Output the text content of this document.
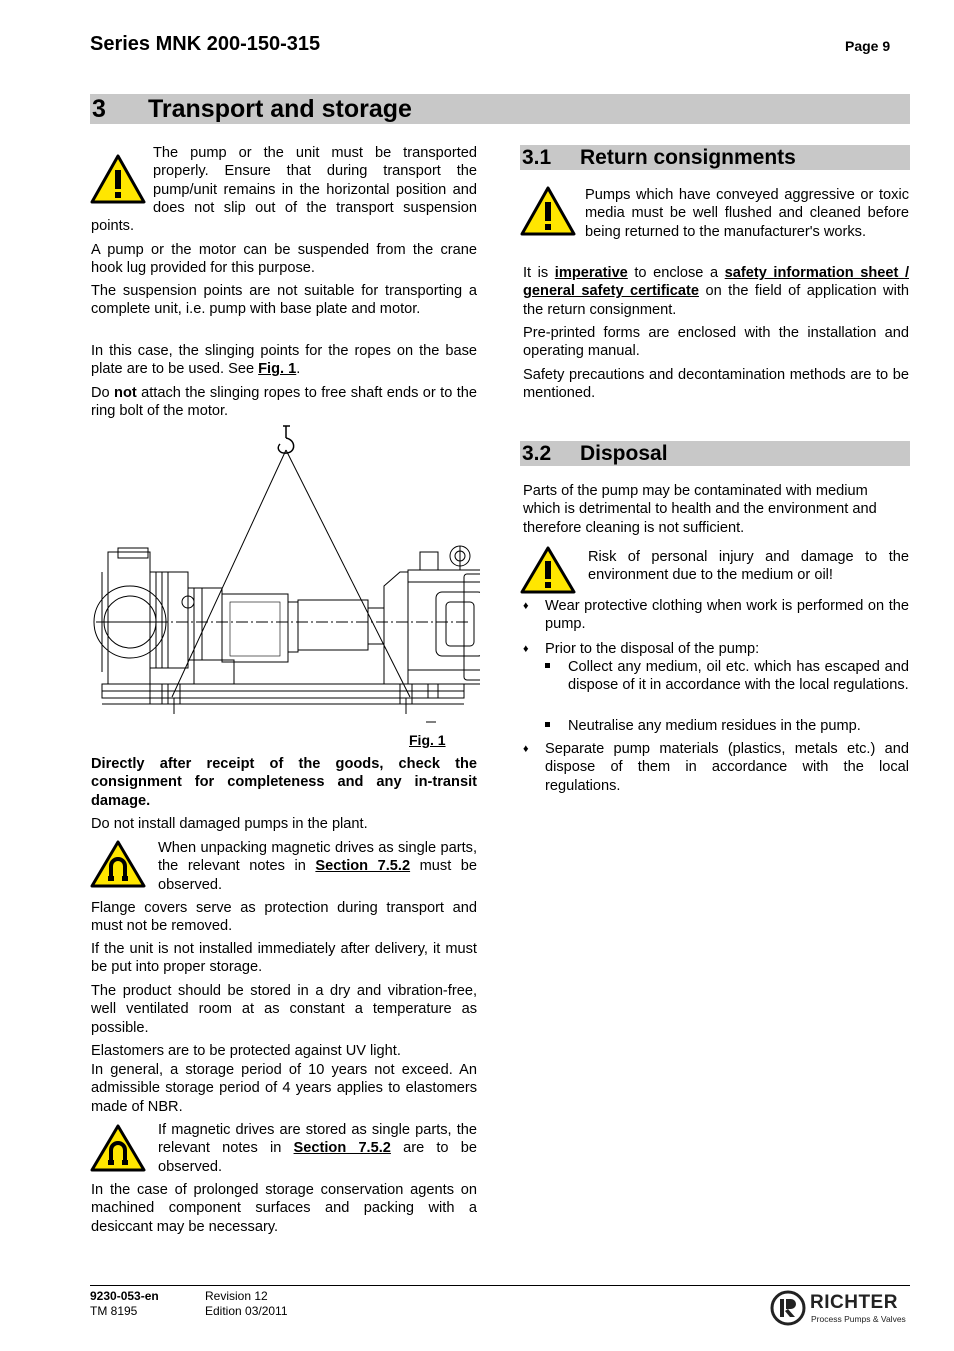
Series MNK 200-150-315	Page 9
3 Transport and storage
The pump or the unit must be transported properly. Ensure that during transport the pump/unit remains in the horizontal position and does not slip out of the transport suspension points.
A pump or the motor can be suspended from the crane hook lug provided for this purpose.
The suspension points are not suitable for transporting a complete unit, i.e. pump with base plate and motor.
In this case, the slinging points for the ropes on the base plate are to be used. See Fig. 1.
Do not attach the slinging ropes to free shaft ends or to the ring bolt of the motor.
Fig. 1
Directly after receipt of the goods, check the consignment for completeness and any in-transit damage.
Do not install damaged pumps in the plant.
When unpacking magnetic drives as single parts, the relevant notes in Section 7.5.2 must be observed.
Flange covers serve as protection during transport and must not be removed.
If the unit is not installed immediately after delivery, it must be put into proper storage.
The product should be stored in a dry and vibration-free, well ventilated room at as constant a temperature as possible.
Elastomers are to be protected against UV light.
In general, a storage period of 10 years not exceed. An admissible storage period of 4 years applies to elastomers made of NBR.
If magnetic drives are stored as single parts, the relevant notes in Section 7.5.2 are to be observed.
In the case of prolonged storage conservation agents on machined component surfaces and packing with a desiccant may be necessary.
3.1 Return consignments
Pumps which have conveyed aggressive or toxic media must be well flushed and cleaned before being returned to the manufacturer's works.
It is imperative to enclose a safety information sheet / general safety certificate on the field of application with the return consignment.
Pre-printed forms are enclosed with the installation and operating manual.
Safety precautions and decontamination methods are to be mentioned.
3.2 Disposal
Parts of the pump may be contaminated with medium which is detrimental to health and the environment and therefore cleaning is not sufficient.
Risk of personal injury and damage to the environment due to the medium or oil!
♦ Wear protective clothing when work is performed on the pump.
♦ Prior to the disposal of the pump:
Collect any medium, oil etc. which has escaped and dispose of it in accordance with the local regulations.
Neutralise any medium residues in the pump.
♦ Separate pump materials (plastics, metals etc.) and dispose of them in accordance with the local regulations.
9230-053-en
TM 8195
Revision 12
Edition 03/2011	RICHTER
Process Pumps & Valves
